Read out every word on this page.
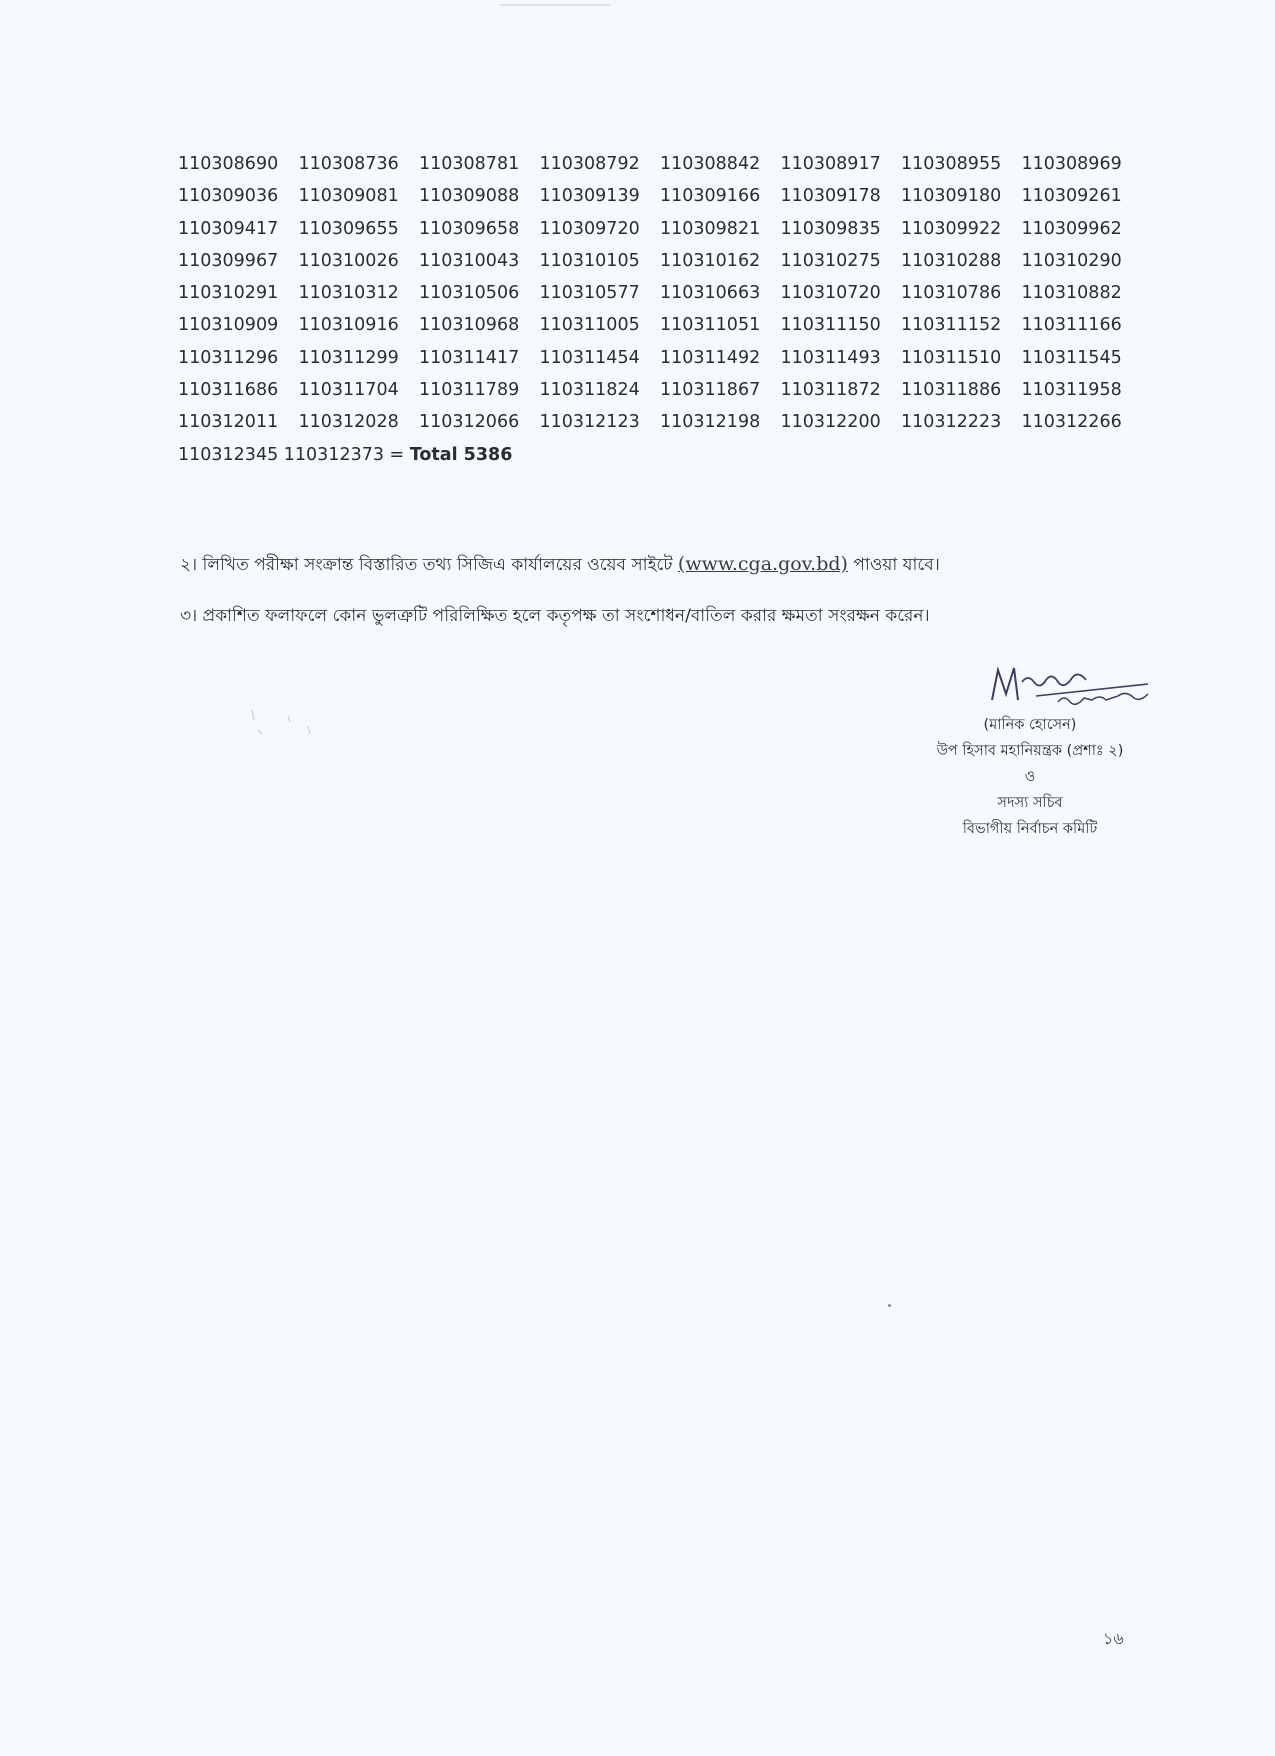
110308690 110308736 110308781 110308792 110308842 110308917 110308955 110308969
110309036 110309081 110309088 110309139 110309166 110309178 110309180 110309261
110309417 110309655 110309658 110309720 110309821 110309835 110309922 110309962
110309967 110310026 110310043 110310105 110310162 110310275 110310288 110310290
110310291 110310312 110310506 110310577 110310663 110310720 110310786 110310882
110310909 110310916 110310968 110311005 110311051 110311150 110311152 110311166
110311296 110311299 110311417 110311454 110311492 110311493 110311510 110311545
110311686 110311704 110311789 110311824 110311867 110311872 110311886 110311958
110312011 110312028 110312066 110312123 110312198 110312200 110312223 110312266
110312345 110312373 = Total 5386
২। লিখিত পরীক্ষা সংক্রান্ত বিস্তারিত তথ্য সিজিএ কার্যালয়ের ওয়েব সাইটে (www.cga.gov.bd) পাওয়া যাবে।
৩। প্রকাশিত ফলাফলে কোন ভুলত্রুটি পরিলিক্ষিত হলে কতৃপক্ষ তা সংশোধন/বাতিল করার ক্ষমতা সংরক্ষন করেন।
(মানিক হোসেন)
উপ হিসাব মহানিয়ন্ত্রক (প্রশাঃ ২)
ও
সদস্য সচিব
বিভাগীয় নির্বাচন কমিটি
১৬
